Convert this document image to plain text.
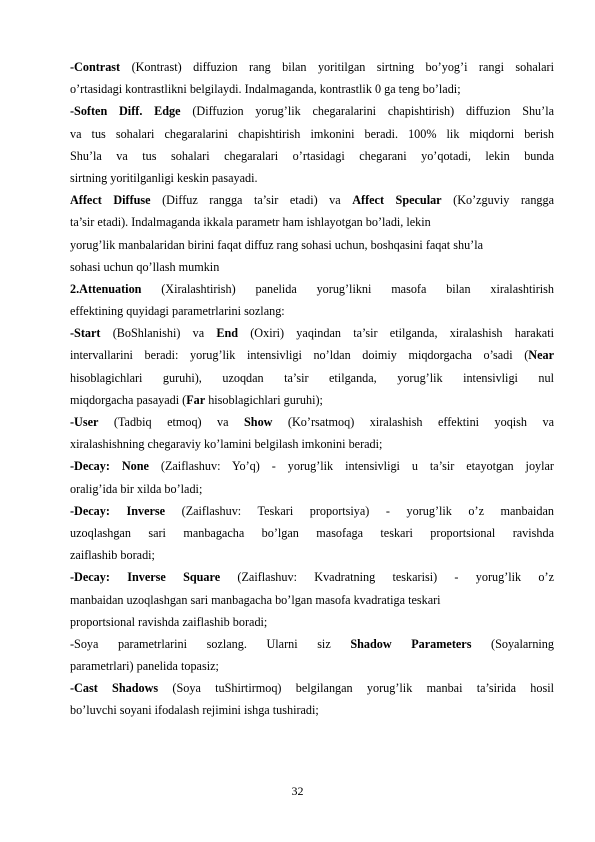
-Contrast (Kontrast) diffuzion rang bilan yoritilgan sirtning bo’yog’i rangi sohalari
o’rtasidagi kontrastlikni belgilaydi. Indalmaganda, kontrastlik 0 ga teng bo’ladi;
-Soften Diff. Edge (Diffuzion yorug’lik chegaralarini chapishtirish) diffuzion Shu’la
va tus sohalari chegaralarini chapishtirish imkonini beradi. 100% lik miqdorni berish
Shu’la va tus sohalari chegaralari o’rtasidagi chegarani yo’qotadi, lekin bunda
sirtning yoritilganligi keskin pasayadi.
Affect Diffuse (Diffuz rangga ta’sir etadi) va Affect Specular (Ko’zguviy rangga
ta’sir etadi). Indalmaganda ikkala parametr ham ishlayotgan bo’ladi, lekin
yorug’lik manbalaridan birini faqat diffuz rang sohasi uchun, boshqasini faqat shu’la
sohasi uchun qo’llash mumkin
2.Attenuation (Xiralashtirish) panelida yorug’likni masofa bilan xiralashtirish
effektining quyidagi parametrlarini sozlang:
-Start (BoShlanishi) va End (Oxiri) yaqindan ta’sir etilganda, xiralashish harakati
intervallarini beradi: yorug’lik intensivligi no’ldan doimiy miqdorgacha o’sadi (Near
hisoblagichlari guruhi), uzoqdan ta’sir etilganda, yorug’lik intensivligi nul
miqdorgacha pasayadi (Far hisoblagichlari guruhi);
-User (Tadbiq etmoq) va Show (Ko’rsatmoq) xiralashish effektini yoqish va
xiralashishning chegaraviy ko’lamini belgilash imkonini beradi;
-Decay: None (Zaiflashuv: Yo’q) - yorug’lik intensivligi u ta’sir etayotgan joylar
oralig’ida bir xilda bo’ladi;
-Decay: Inverse (Zaiflashuv: Teskari proportsiya) - yorug’lik o’z manbaidan
uzoqlashgan sari manbagacha bo’lgan masofaga teskari proportsional ravishda
zaiflashib boradi;
-Decay: Inverse Square (Zaiflashuv: Kvadratning teskarisi) - yorug’lik o’z
manbaidan uzoqlashgan sari manbagacha bo’lgan masofa kvadratiga teskari
proportsional ravishda zaiflashib boradi;
-Soya parametrlarini sozlang. Ularni siz Shadow Parameters (Soyalarning
parametrlari) panelida topasiz;
-Cast Shadows (Soya tuShirtirmoq) belgilangan yorug’lik manbai ta’sirida hosil
bo’luvchi soyani ifodalash rejimini ishga tushiradi;
32
